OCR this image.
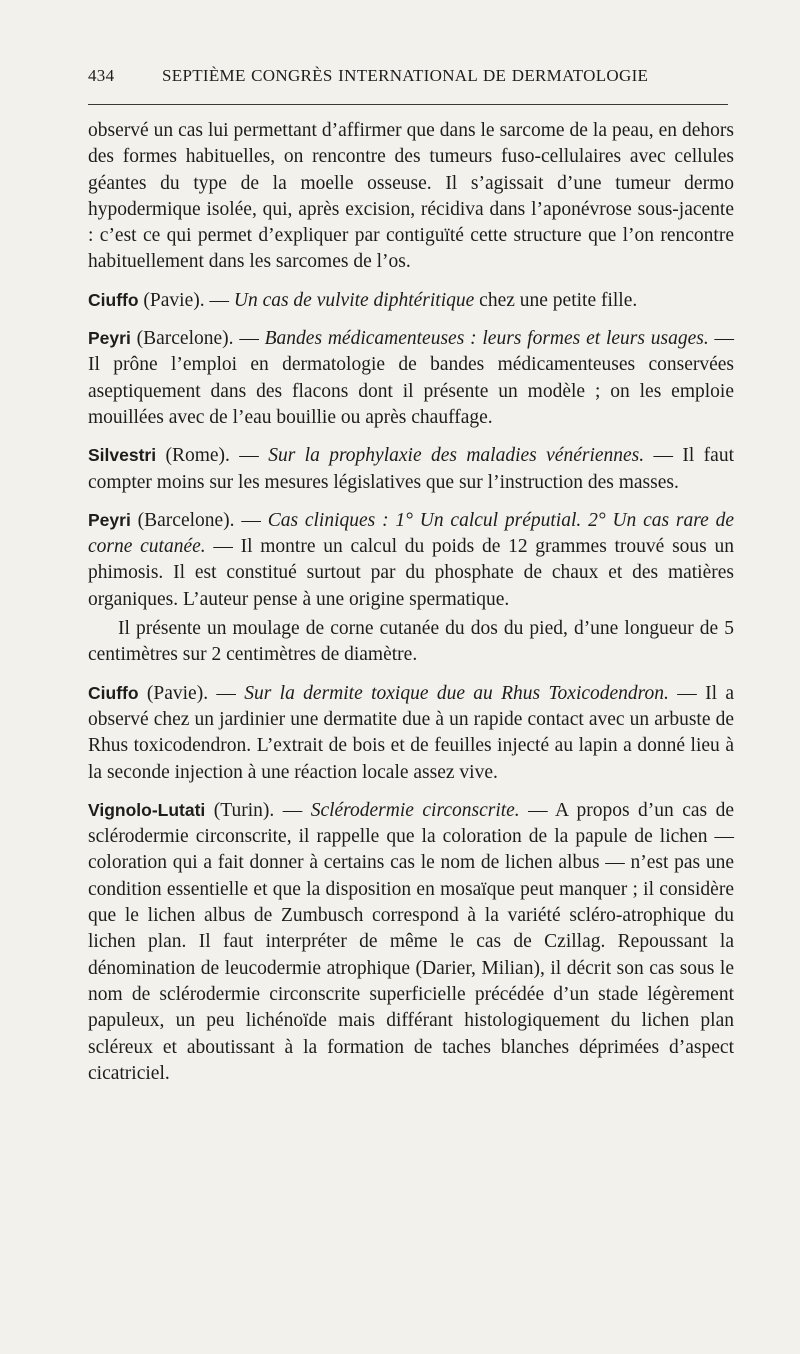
434	SEPTIÈME CONGRÈS INTERNATIONAL DE DERMATOLOGIE

observé un cas lui permettant d’affirmer que dans le sarcome de la peau, en dehors des formes habituelles, on rencontre des tumeurs fuso-cellulaires avec cellules géantes du type de la moelle osseuse. Il s’agissait d’une tumeur dermo hypodermique isolée, qui, après excision, récidiva dans l’aponévrose sous-jacente : c’est ce qui permet d’expliquer par contiguïté cette structure que l’on rencontre habituellement dans les sarcomes de l’os.

Ciuffo (Pavie). — Un cas de vulvite diphtéritique chez une petite fille.

Peyri (Barcelone). — Bandes médicamenteuses : leurs formes et leurs usages. — Il prône l’emploi en dermatologie de bandes médicamenteuses conservées aseptiquement dans des flacons dont il présente un modèle ; on les emploie mouillées avec de l’eau bouillie ou après chauffage.

Silvestri (Rome). — Sur la prophylaxie des maladies vénériennes. — Il faut compter moins sur les mesures législatives que sur l’instruction des masses.

Peyri (Barcelone). — Cas cliniques : 1° Un calcul préputial. 2° Un cas rare de corne cutanée. — Il montre un calcul du poids de 12 grammes trouvé sous un phimosis. Il est constitué surtout par du phosphate de chaux et des matières organiques. L’auteur pense à une origine spermatique.

Il présente un moulage de corne cutanée du dos du pied, d’une longueur de 5 centimètres sur 2 centimètres de diamètre.

Ciuffo (Pavie). — Sur la dermite toxique due au Rhus Toxicodendron. — Il a observé chez un jardinier une dermatite due à un rapide contact avec un arbuste de Rhus toxicodendron. L’extrait de bois et de feuilles injecté au lapin a donné lieu à la seconde injection à une réaction locale assez vive.

Vignolo-Lutati (Turin). — Sclérodermie circonscrite. — A propos d’un cas de sclérodermie circonscrite, il rappelle que la coloration de la papule de lichen — coloration qui a fait donner à certains cas le nom de lichen albus — n’est pas une condition essentielle et que la disposition en mosaïque peut manquer ; il considère que le lichen albus de Zumbusch correspond à la variété scléro-atrophique du lichen plan. Il faut interpréter de même le cas de Czillag. Repoussant la dénomination de leucodermie atrophique (Darier, Milian), il décrit son cas sous le nom de sclérodermie circonscrite superficielle précédée d’un stade légèrement papuleux, un peu lichénoïde mais différant histologiquement du lichen plan scléreux et aboutissant à la formation de taches blanches déprimées d’aspect cicatriciel.
